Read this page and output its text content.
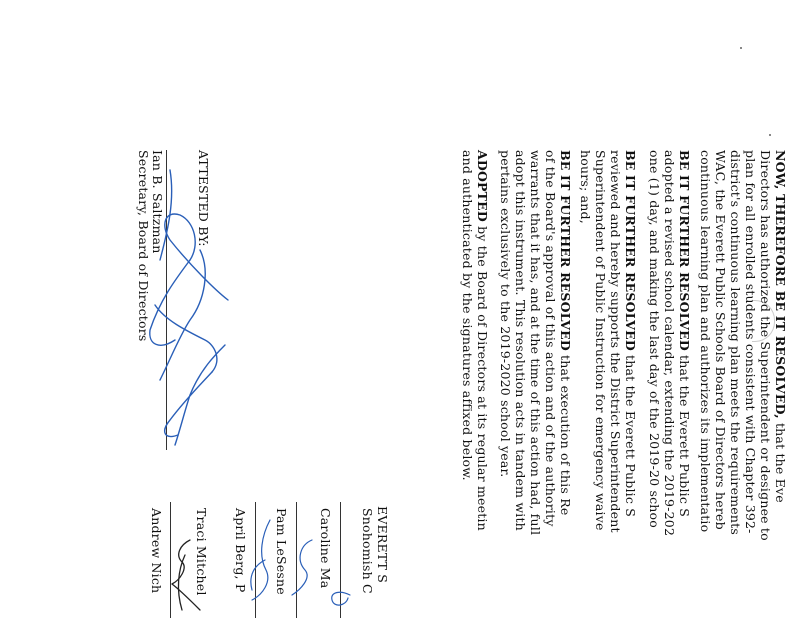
NOW, THEREFORE BE IT RESOLVED, that the Eve
Directors has authorized the Superintendent or designee to
plan for all enrolled students consistent with Chapter 392-
district's continuous learning plan meets the requirements
WAC, the Everett Public Schools Board of Directors hereb
continuous learning plan and authorizes its implementatio
BE IT FURTHER RESOLVED that the Everett Public S
adopted a revised school calendar, extending the 2019-202
one (1) day, and making the last day of the 2019-20 schoo
BE IT FURTHER RESOLVED that the Everett Public S
reviewed and hereby supports the District Superintendent
Superintendent of Public Instruction for emergency waive
hours; and,
BE IT FURTHER RESOLVED that execution of this Re
of the Board's approval of this action and of the authority
warrants that it has, and at the time of this action had, full
adopt this instrument. This resolution acts in tandem with
pertains exclusively to the 2019-2020 school year.
ADOPTED by the Board of Directors at its regular meetin
and authenticated by the signatures affixed below.
EVERETT S
Snohomish C
Caroline Ma
Pam LeSesne
April Berg, P
Traci Mitchel
Andrew Nich
ATTESTED BY:
Ian B. Saltzman
Secretary, Board of Directors
